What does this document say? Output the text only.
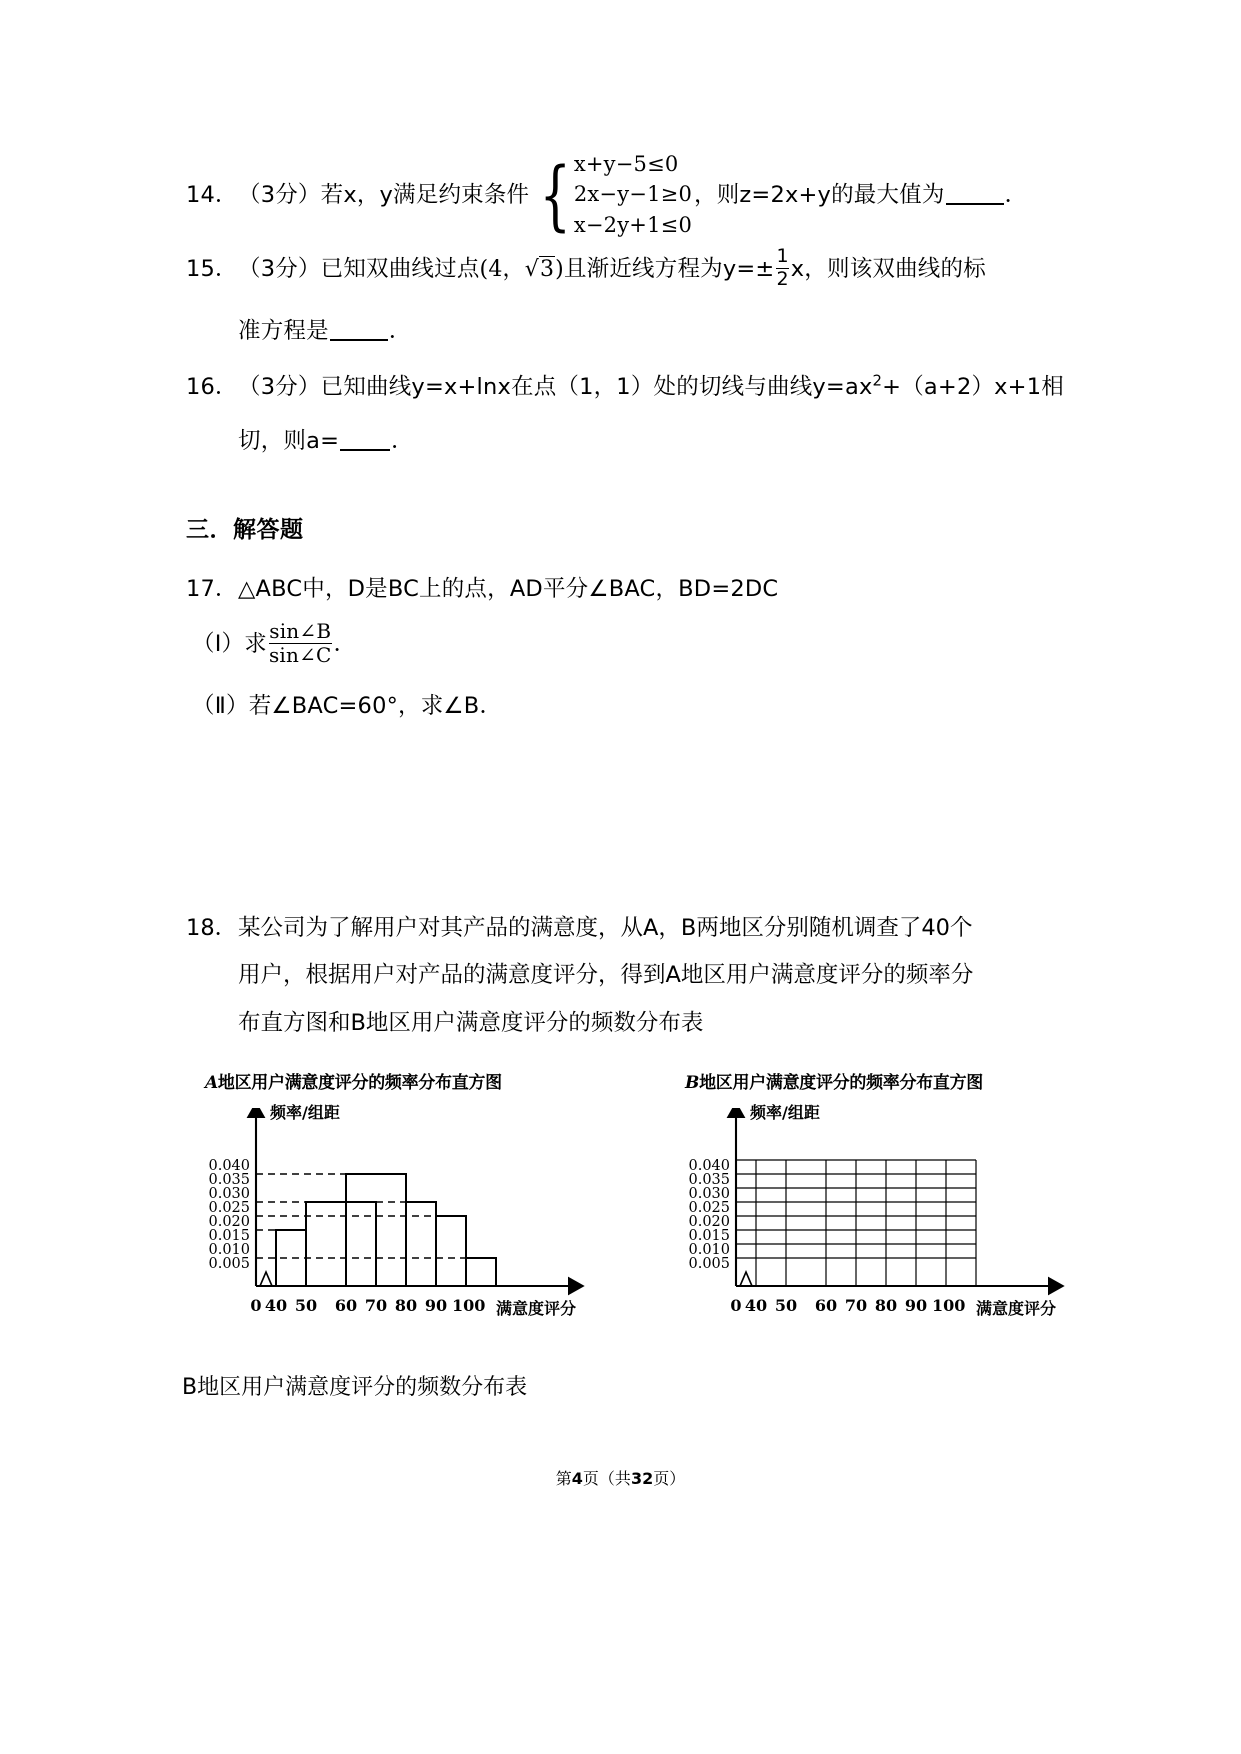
14．（3分）若x，y满足约束条件 { x+y−5≤0
2x−y−1≥0
x−2y+1≤0
，则z=2x+y的最大值为	．
15．（3分）已知双曲线过点(4，√3)且渐近线方程为$y=\pm \frac{1}{2}$ x，则该双曲线的标
准方程是	．
16．（3分）已知曲线y=x+lnx在点（1，1）处的切线与曲线$y=ax^2+(a+2)x+1$相
切，则a= ．
三．解答题
17．△ABC中，D是BC上的点，AD平分∠BAC，BD=2DC
（Ⅰ）求 $\frac{\sin\angle B}{\sin\angle C}$ ．
（Ⅱ）若∠BAC=60°，求∠B．
18．某公司为了解用户对其产品的满意度，从A，B两地区分别随机调查了40个
用户，根据用户对产品的满意度评分，得到A地区用户满意度评分的频率分
布直方图和B地区用户满意度评分的频数分布表
A地区用户满意度评分的频率分布直方图
频率/组距
0.040
0.035
0.030
0.025
0.020
0.015
0.010
0.005
0 40 50 60 70 80 90 100 满意度评分
B地区用户满意度评分的频率分布直方图
频率/组距
0.040
0.035
0.030
0.025
0.020
0.015
0.010
0.005
0 40 50 60 70 80 90 100 满意度评分
B地区用户满意度评分的频数分布表
第4页（共32页）
